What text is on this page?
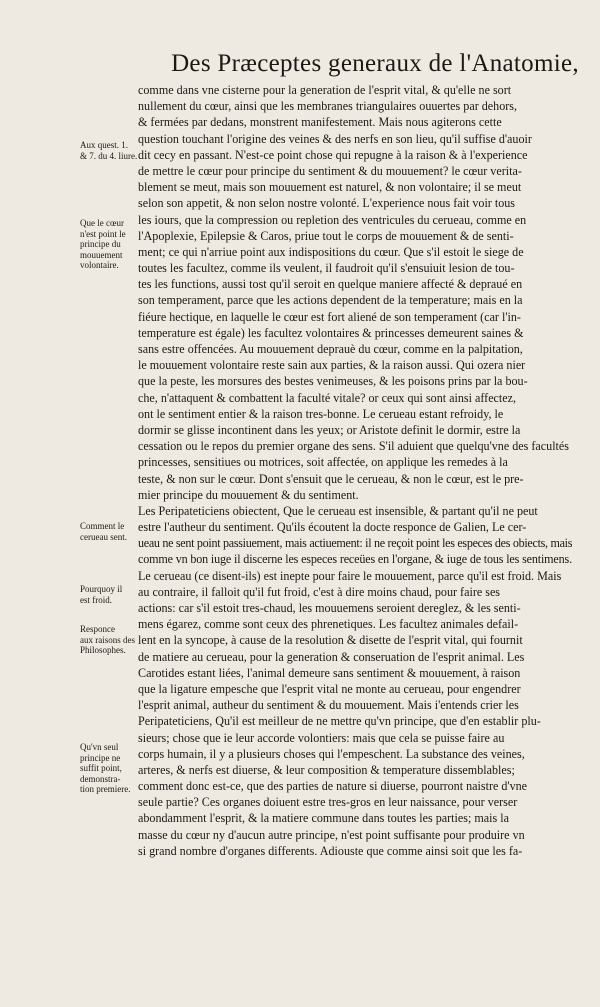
Des Præceptes generaux de l'Anatomie,
Aux quest. 1.
& 7. du 4. liure.
Que le cœur
n'est point le
principe du
mouuement
volontaire.
Comment le
cerueau sent.
Pourquoy il
est froid.
Responce
aux raisons des
Philosophes.
Qu'vn seul
principe ne
suffit point,
demonstra-
tion premiere.
comme dans vne cisterne pour la generation de l'esprit vital, & qu'elle ne sort
nullement du cœur, ainsi que les membranes triangulaires ouuertes par dehors,
& fermées par dedans, monstrent manifestement. Mais nous agiterons cette
question touchant l'origine des veines & des nerfs en son lieu, qu'il suffise d'auoir
dit cecy en passant. N'est-ce point chose qui repugne à la raison & à l'experience
de mettre le cœur pour principe du sentiment & du mouuement? le cœur verita-
blement se meut, mais son mouuement est naturel, & non volontaire; il se meut
selon son appetit, & non selon nostre volonté. L'experience nous fait voir tous
les iours, que la compression ou repletion des ventricules du cerueau, comme en
l'Apoplexie, Epilepsie & Caros, priue tout le corps de mouuement & de senti-
ment; ce qui n'arriue point aux indispositions du cœur. Que s'il estoit le siege de
toutes les facultez, comme ils veulent, il faudroit qu'il s'ensuiuit lesion de tou-
tes les functions, aussi tost qu'il seroit en quelque maniere affecté & depraué en
son temperament, parce que les actions dependent de la temperature; mais en la
fiéure hectique, en laquelle le cœur est fort aliené de son temperament (car l'in-
temperature est égale) les facultez volontaires & princesses demeurent saines &
sans estre offencées. Au mouuement deprauè du cœur, comme en la palpitation,
le mouuement volontaire reste sain aux parties, & la raison aussi. Qui ozera nier
que la peste, les morsures des bestes venimeuses, & les poisons prins par la bou-
che, n'attaquent & combattent la faculté vitale? or ceux qui sont ainsi affectez,
ont le sentiment entier & la raison tres-bonne. Le cerueau estant refroidy, le
dormir se glisse incontinent dans les yeux; or Aristote definit le dormir, estre la
cessation ou le repos du premier organe des sens. S'il aduient que quelqu'vne des facultés
princesses, sensitiues ou motrices, soit affectée, on applique les remedes à la
teste, & non sur le cœur. Dont s'ensuit que le cerueau, & non le cœur, est le pre-
mier principe du mouuement & du sentiment.
Les Peripateticiens obiectent, Que le cerueau est insensible, & partant qu'il ne peut
estre l'autheur du sentiment. Qu'ils écoutent la docte responce de Galien, Le cer-
ueau ne sent point passiuement, mais actiuement: il ne reçoit point les especes des obiects, mais
comme vn bon iuge il discerne les especes receües en l'organe, & iuge de tous les sentimens.
Le cerueau (ce disent-ils) est inepte pour faire le mouuement, parce qu'il est froid. Mais
au contraire, il falloit qu'il fut froid, c'est à dire moins chaud, pour faire ses
actions: car s'il estoit tres-chaud, les mouuemens seroient dereglez, & les senti-
mens égarez, comme sont ceux des phrenetiques. Les facultez animales defail-
lent en la syncope, à cause de la resolution & disette de l'esprit vital, qui fournit
de matiere au cerueau, pour la generation & conseruation de l'esprit animal. Les
Carotides estant liées, l'animal demeure sans sentiment & mouuement, à raison
que la ligature empesche que l'esprit vital ne monte au cerueau, pour engendrer
l'esprit animal, autheur du sentiment & du mouuement. Mais i'entends crier les
Peripateticiens, Qu'il est meilleur de ne mettre qu'vn principe, que d'en establir plu-
sieurs; chose que ie leur accorde volontiers: mais que cela se puisse faire au
corps humain, il y a plusieurs choses qui l'empeschent. La substance des veines,
arteres, & nerfs est diuerse, & leur composition & temperature dissemblables;
comment donc est-ce, que des parties de nature si diuerse, pourront naistre d'vne
seule partie? Ces organes doiuent estre tres-gros en leur naissance, pour verser
abondamment l'esprit, & la matiere commune dans toutes les parties; mais la
masse du cœur ny d'aucun autre principe, n'est point suffisante pour produire vn
si grand nombre d'organes differents. Adiouste que comme ainsi soit que les fa-
